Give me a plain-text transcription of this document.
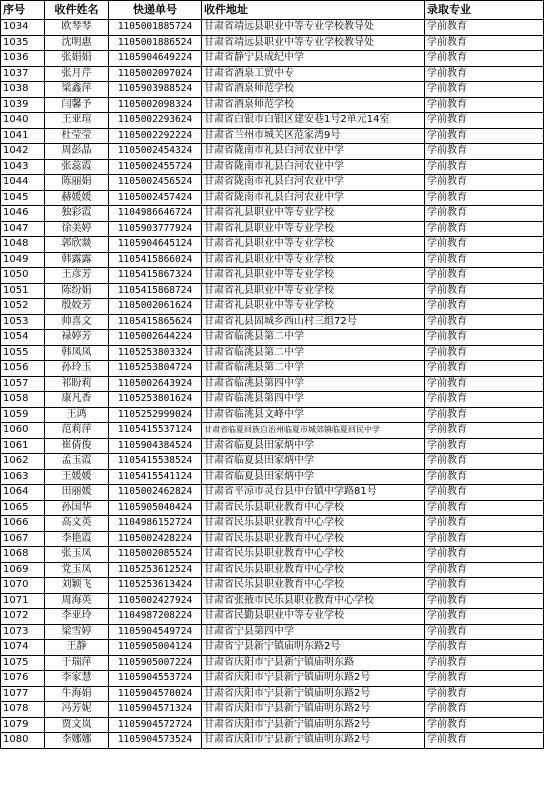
序号	收件姓名	快递单号	收件地址	录取专业
1034	欧琴琴	1105001885724	甘肃省靖远县职业中等专业学校教导处	学前教育
1035	沈明惠	1105001886524	甘肃省靖远县职业中等专业学校教导处	学前教育
1036	张娟娟	1105904649224	甘肃省静宁县成纪中学	学前教育
1037	张月芹	1105002097024	甘肃省酒泉工贸中专	学前教育
1038	梁鑫萍	1105903988524	甘肃省酒泉师范学校	学前教育
1039	闫馨予	1105002098324	甘肃省酒泉师范学校	学前教育
1040	王亚瑄	1105002293624	甘肃省白银市白银区建安巷1号2单元14室	学前教育
1041	杜莹莹	1105002292224	甘肃省兰州市城关区范家湾9号	学前教育
1042	周彭晶	1105002454324	甘肃省陇南市礼县白河农业中学	学前教育
1043	张蕊霞	1105002455724	甘肃省陇南市礼县白河农业中学	学前教育
1044	陈丽娟	1105002456524	甘肃省陇南市礼县白河农业中学	学前教育
1045	赫媛媛	1105002457424	甘肃省陇南市礼县白河农业中学	学前教育
1046	独彩霞	1104986646724	甘肃省礼县职业中等专业学校	学前教育
1047	徐美婷	1105903777924	甘肃省礼县职业中等专业学校	学前教育
1048	郭欣燚	1105904645124	甘肃省礼县职业中等专业学校	学前教育
1049	韩露露	1105415866024	甘肃省礼县职业中等专业学校	学前教育
1050	王彦芳	1105415867324	甘肃省礼县职业中等专业学校	学前教育
1051	陈纷娟	1105415868724	甘肃省礼县职业中等专业学校	学前教育
1052	殷姣芳	1105002061624	甘肃省礼县职业中等专业学校	学前教育
1053	帅喜文	1105415865624	甘肃省礼县固城乡西山村三组72号	学前教育
1054	禄婷芳	1105002644224	甘肃省临洮县第二中学	学前教育
1055	韩凤凤	1105253803324	甘肃省临洮县第二中学	学前教育
1056	孙玲玉	1105253804724	甘肃省临洮县第二中学	学前教育
1057	祁盼莉	1105002643924	甘肃省临洮县第四中学	学前教育
1058	康凡香	1105253801624	甘肃省临洮县第四中学	学前教育
1059	王鸿	1105252999024	甘肃省临洮县文峰中学	学前教育
1060	范莉萍	1105415537124	甘肃省临夏回族自治州临夏市城郊镇临夏回民中学	学前教育
1061	崔倩俊	1105904384524	甘肃省临夏县田家炳中学	学前教育
1062	孟玉霞	1105415538524	甘肃省临夏县田家炳中学	学前教育
1063	王媛媛	1105415541124	甘肃省临夏县田家炳中学	学前教育
1064	田丽媛	1105002462824	甘肃省平凉市灵台县中台镇中学路81号	学前教育
1065	孙国华	1105905040424	甘肃省民乐县职业教育中心学校	学前教育
1066	高文英	1104986152724	甘肃省民乐县职业教育中心学校	学前教育
1067	李艳霞	1105002428224	甘肃省民乐县职业教育中心学校	学前教育
1068	张玉凤	1105002085524	甘肃省民乐县职业教育中心学校	学前教育
1069	党玉凤	1105253612524	甘肃省民乐县职业教育中心学校	学前教育
1070	刘颖飞	1105253613424	甘肃省民乐县职业教育中心学校	学前教育
1071	周海英	1105002427924	甘肃省张掖市民乐县职业教育中心学校	学前教育
1072	李亚玲	1104987208224	甘肃省民勤县职业中等专业学校	学前教育
1073	梁雪婷	1105904549724	甘肃省宁县第四中学	学前教育
1074	王静	1105905004124	甘肃省宁县新宁镇庙明东路2号	学前教育
1075	于瑞萍	1105905007224	甘肃省庆阳市宁县新宁镇庙明东路	学前教育
1076	李家慧	1105904553724	甘肃省庆阳市宁县新宁镇庙明东路2号	学前教育
1077	牛海娟	1105904570024	甘肃省庆阳市宁县新宁镇庙明东路2号	学前教育
1078	冯芳妮	1105904571324	甘肃省庆阳市宁县新宁镇庙明东路2号	学前教育
1079	贾文岚	1105904572724	甘肃省庆阳市宁县新宁镇庙明东路2号	学前教育
1080	李娜娜	1105904573524	甘肃省庆阳市宁县新宁镇庙明东路2号	学前教育
